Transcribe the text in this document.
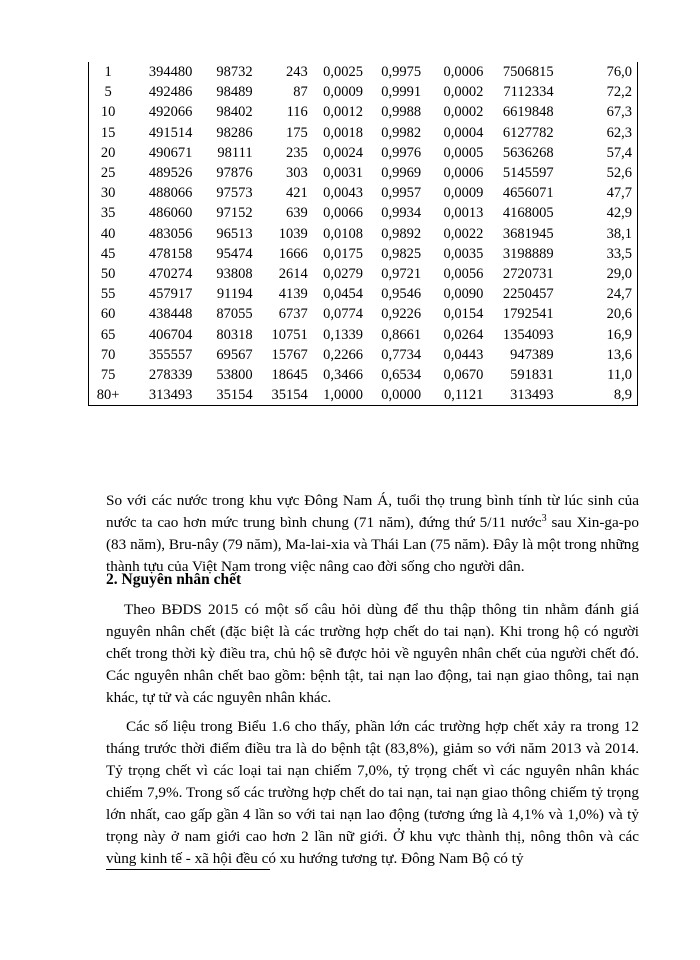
1	394480	98732	243	0,0025	0,9975	0,0006	7506815	76,0
5	492486	98489	87	0,0009	0,9991	0,0002	7112334	72,2
10	492066	98402	116	0,0012	0,9988	0,0002	6619848	67,3
15	491514	98286	175	0,0018	0,9982	0,0004	6127782	62,3
20	490671	98111	235	0,0024	0,9976	0,0005	5636268	57,4
25	489526	97876	303	0,0031	0,9969	0,0006	5145597	52,6
30	488066	97573	421	0,0043	0,9957	0,0009	4656071	47,7
35	486060	97152	639	0,0066	0,9934	0,0013	4168005	42,9
40	483056	96513	1039	0,0108	0,9892	0,0022	3681945	38,1
45	478158	95474	1666	0,0175	0,9825	0,0035	3198889	33,5
50	470274	93808	2614	0,0279	0,9721	0,0056	2720731	29,0
55	457917	91194	4139	0,0454	0,9546	0,0090	2250457	24,7
60	438448	87055	6737	0,0774	0,9226	0,0154	1792541	20,6
65	406704	80318	10751	0,1339	0,8661	0,0264	1354093	16,9
70	355557	69567	15767	0,2266	0,7734	0,0443	947389	13,6
75	278339	53800	18645	0,3466	0,6534	0,0670	591831	11,0
80+	313493	35154	35154	1,0000	0,0000	0,1121	313493	8,9

So với các nước trong khu vực Đông Nam Á, tuổi thọ trung bình tính từ lúc sinh của nước ta cao hơn mức trung bình chung (71 năm), đứng thứ 5/11 nước$^3$ sau Xin-ga-po (83 năm), Bru-nây (79 năm), Ma-lai-xia và Thái Lan (75 năm). Đây là một trong những thành tựu của Việt Nam trong việc nâng cao đời sống cho người dân.

2. Nguyên nhân chết

Theo BĐDS 2015 có một số câu hỏi dùng để thu thập thông tin nhằm đánh giá nguyên nhân chết (đặc biệt là các trường hợp chết do tai nạn). Khi trong hộ có người chết trong thời kỳ điều tra, chủ hộ sẽ được hỏi về nguyên nhân chết của người chết đó. Các nguyên nhân chết bao gồm: bệnh tật, tai nạn lao động, tai nạn giao thông, tai nạn khác, tự tử và các nguyên nhân khác.

Các số liệu trong Biểu 1.6 cho thấy, phần lớn các trường hợp chết xảy ra trong 12 tháng trước thời điểm điều tra là do bệnh tật (83,8%), giảm so với năm 2013 và 2014. Tỷ trọng chết vì các loại tai nạn chiếm 7,0%, tỷ trọng chết vì các nguyên nhân khác chiếm 7,9%. Trong số các trường hợp chết do tai nạn, tai nạn giao thông chiếm tỷ trọng lớn nhất, cao gấp gần 4 lần so với tai nạn lao động (tương ứng là 4,1% và 1,0%) và tỷ trọng này ở nam giới cao hơn 2 lần nữ giới. Ở khu vực thành thị, nông thôn và các vùng kinh tế - xã hội đều có xu hướng tương tự. Đông Nam Bộ có tỷ
